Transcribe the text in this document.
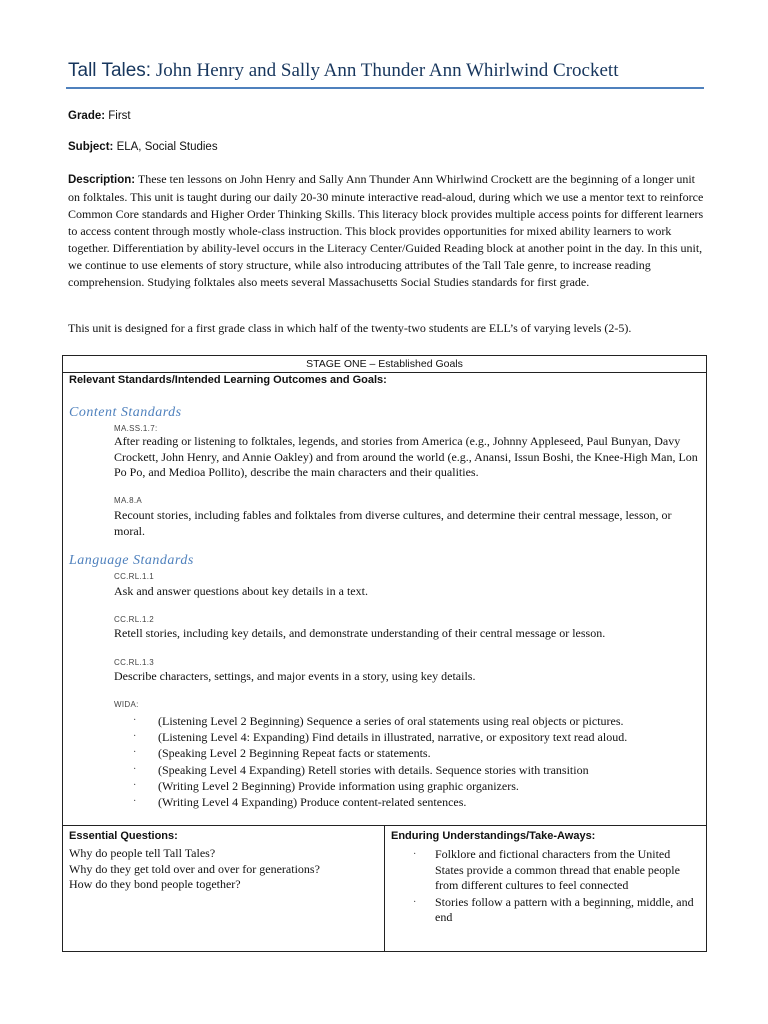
Tall Tales: John Henry and Sally Ann Thunder Ann Whirlwind Crockett
Grade: First
Subject: ELA, Social Studies
Description: These ten lessons on John Henry and Sally Ann Thunder Ann Whirlwind Crockett are the beginning of a longer unit on folktales. This unit is taught during our daily 20-30 minute interactive read-aloud, during which we use a mentor text to reinforce Common Core standards and Higher Order Thinking Skills. This literacy block provides multiple access points for different learners to access content through mostly whole-class instruction. This block provides opportunities for mixed ability learners to work together. Differentiation by ability-level occurs in the Literacy Center/Guided Reading block at another point in the day. In this unit, we continue to use elements of story structure, while also introducing attributes of the Tall Tale genre, to increase reading comprehension. Studying folktales also meets several Massachusetts Social Studies standards for first grade.
This unit is designed for a first grade class in which half of the twenty-two students are ELL’s of varying levels (2-5).
STAGE ONE – Established Goals
Relevant Standards/Intended Learning Outcomes and Goals:
Content Standards
MA.SS.1.7:
After reading or listening to folktales, legends, and stories from America (e.g., Johnny Appleseed, Paul Bunyan, Davy Crockett, John Henry, and Annie Oakley) and from around the world (e.g., Anansi, Issun Boshi, the Knee-High Man, Lon Po Po, and Medioa Pollito), describe the main characters and their qualities.
MA.8.A
Recount stories, including fables and folktales from diverse cultures, and determine their central message, lesson, or moral.
Language Standards
CC.RL.1.1
Ask and answer questions about key details in a text.
CC.RL.1.2
Retell stories, including key details, and demonstrate understanding of their central message or lesson.
CC.RL.1.3
Describe characters, settings, and major events in a story, using key details.
WIDA:
· (Listening Level 2 Beginning) Sequence a series of oral statements using real objects or pictures.
· (Listening Level 4: Expanding) Find details in illustrated, narrative, or expository text read aloud.
· (Speaking Level 2 Beginning Repeat facts or statements.
· (Speaking Level 4 Expanding) Retell stories with details. Sequence stories with transition
· (Writing Level 2 Beginning) Provide information using graphic organizers.
· (Writing Level 4 Expanding) Produce content-related sentences.
Essential Questions:
Why do people tell Tall Tales?
Why do they get told over and over for generations?
How do they bond people together?
Enduring Understandings/Take-Aways:
· Folklore and fictional characters from the United States provide a common thread that enable people from different cultures to feel connected
· Stories follow a pattern with a beginning, middle, and end
